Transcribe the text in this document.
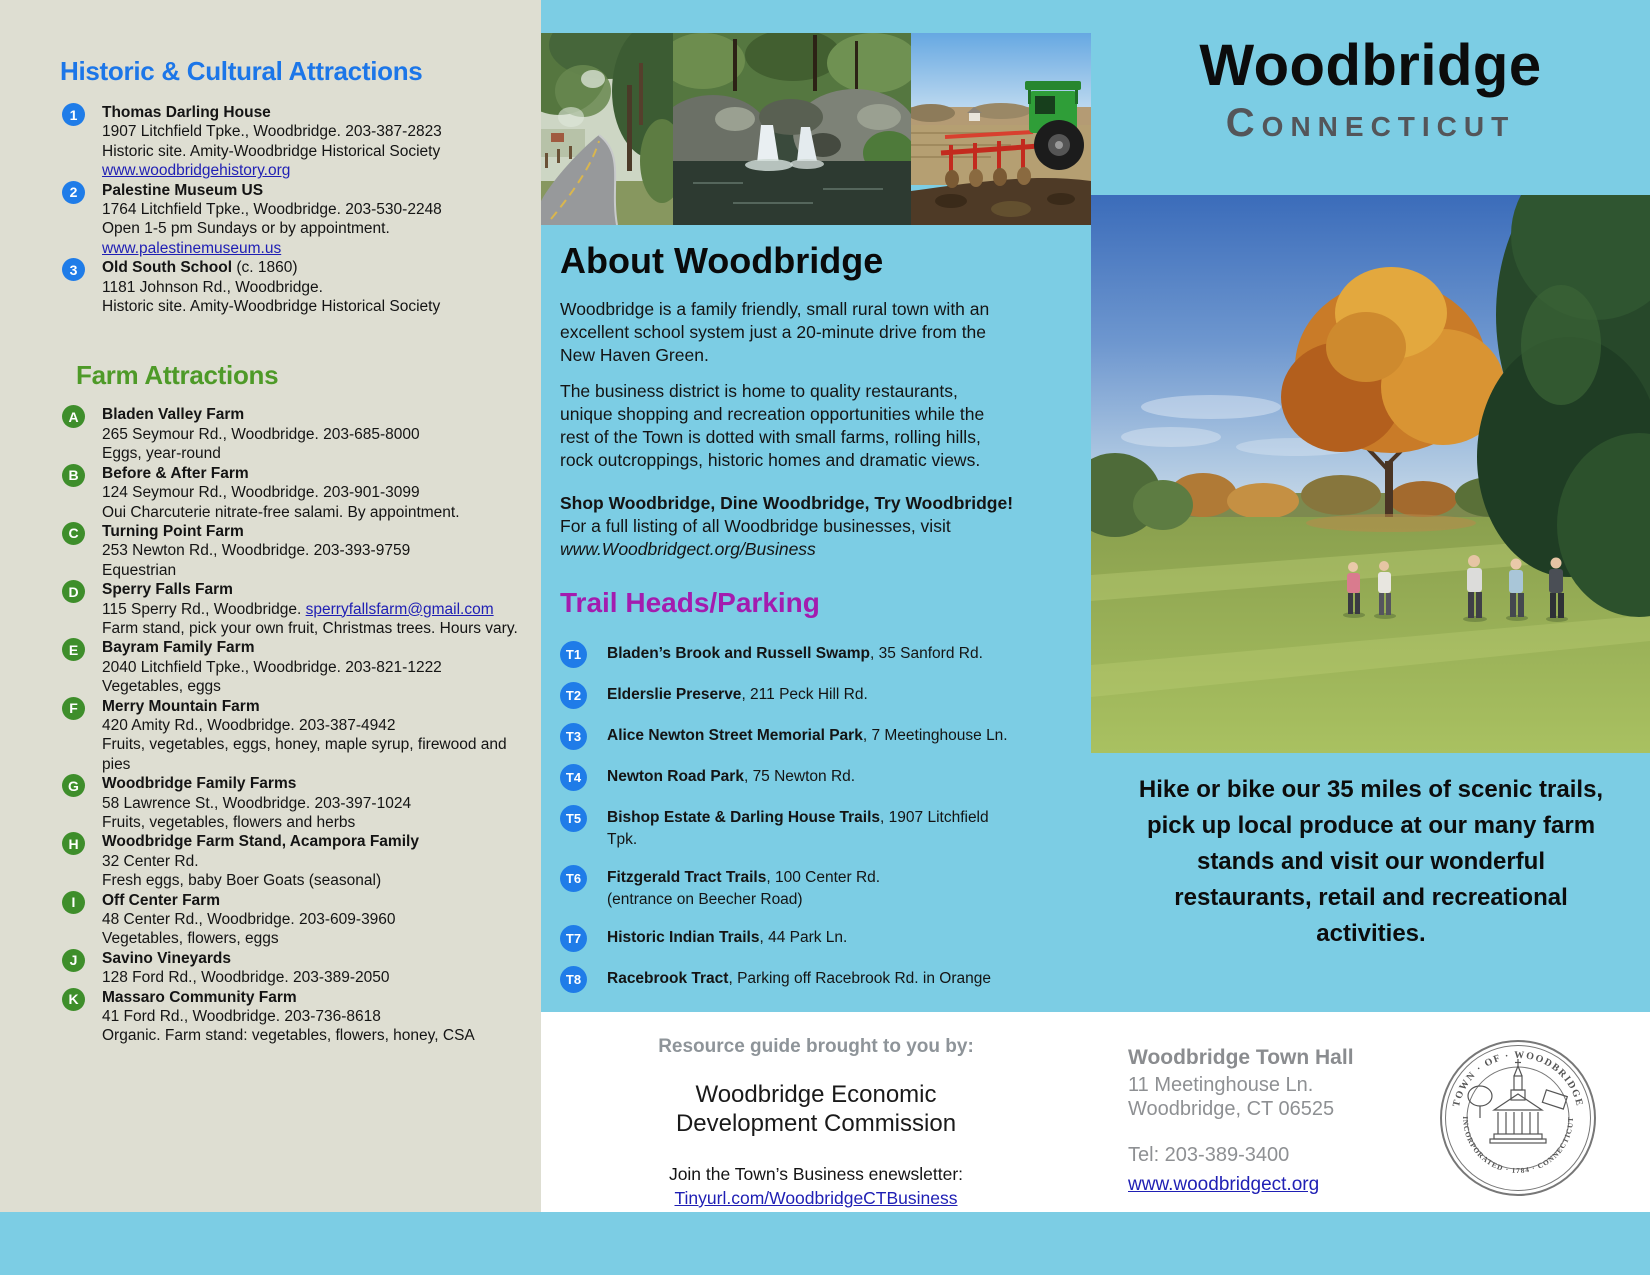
Historic & Cultural Attractions
1	Thomas Darling House
1907 Litchfield Tpke., Woodbridge. 203-387-2823
Historic site. Amity-Woodbridge Historical Society
www.woodbridgehistory.org
2	Palestine Museum US
1764 Litchfield Tpke., Woodbridge. 203-530-2248
Open 1-5 pm Sundays or by appointment.
www.palestinemuseum.us
3	Old South School (c. 1860)
1181 Johnson Rd., Woodbridge.
Historic site. Amity-Woodbridge Historical Society
Farm Attractions
A	Bladen Valley Farm
265 Seymour Rd., Woodbridge. 203-685-8000
Eggs, year-round
B	Before & After Farm
124 Seymour Rd., Woodbridge. 203-901-3099
Oui Charcuterie nitrate-free salami. By appointment.
C	Turning Point Farm
253 Newton Rd., Woodbridge. 203-393-9759
Equestrian
D	Sperry Falls Farm
115 Sperry Rd., Woodbridge. sperryfallsfarm@gmail.com
Farm stand, pick your own fruit, Christmas trees. Hours vary.
E	Bayram Family Farm
2040 Litchfield Tpke., Woodbridge. 203-821-1222
Vegetables, eggs
F	Merry Mountain Farm
420 Amity Rd., Woodbridge. 203-387-4942
Fruits, vegetables, eggs, honey, maple syrup, firewood and pies
G	Woodbridge Family Farms
58 Lawrence St., Woodbridge. 203-397-1024
Fruits, vegetables, flowers and herbs
H	Woodbridge Farm Stand, Acampora Family
32 Center Rd.
Fresh eggs, baby Boer Goats (seasonal)
I	Off Center Farm
48 Center Rd., Woodbridge. 203-609-3960
Vegetables, flowers, eggs
J	Savino Vineyards
128 Ford Rd., Woodbridge. 203-389-2050
K	Massaro Community Farm
41 Ford Rd., Woodbridge. 203-736-8618
Organic. Farm stand: vegetables, flowers, honey, CSA
About Woodbridge

Woodbridge is a family friendly, small rural town with an excellent school system just a 20-minute drive from the New Haven Green.

The business district is home to quality restaurants, unique shopping and recreation opportunities while the rest of the Town is dotted with small farms, rolling hills, rock outcroppings, historic homes and dramatic views.

Shop Woodbridge, Dine Woodbridge, Try Woodbridge! For a full listing of all Woodbridge businesses, visit www.Woodbridgect.org/Business

Trail Heads/Parking
T1	Bladen’s Brook and Russell Swamp, 35 Sanford Rd.
T2	Elderslie Preserve, 211 Peck Hill Rd.
T3	Alice Newton Street Memorial Park, 7 Meetinghouse Ln.
T4	Newton Road Park, 75 Newton Rd.
T5	Bishop Estate & Darling House Trails, 1907 Litchfield Tpk.
T6	Fitzgerald Tract Trails, 100 Center Rd.
(entrance on Beecher Road)
T7	Historic Indian Trails, 44 Park Ln.
T8	Racebrook Tract, Parking off Racebrook Rd. in Orange
Resource guide brought to you by:
Woodbridge Economic Development Commission
Join the Town’s Business enewsletter:
Tinyurl.com/WoodbridgeCTBusiness
Woodbridge
Connecticut
Hike or bike our 35 miles of scenic trails, pick up local produce at our many farm stands and visit our wonderful restaurants, retail and recreational activities.
Woodbridge Town Hall
11 Meetinghouse Ln.
Woodbridge, CT 06525
Tel: 203-389-3400
www.woodbridgect.org
TOWN · OF · WOODBRIDGE
INCORPORATED · 1784 · CONNECTICUT
